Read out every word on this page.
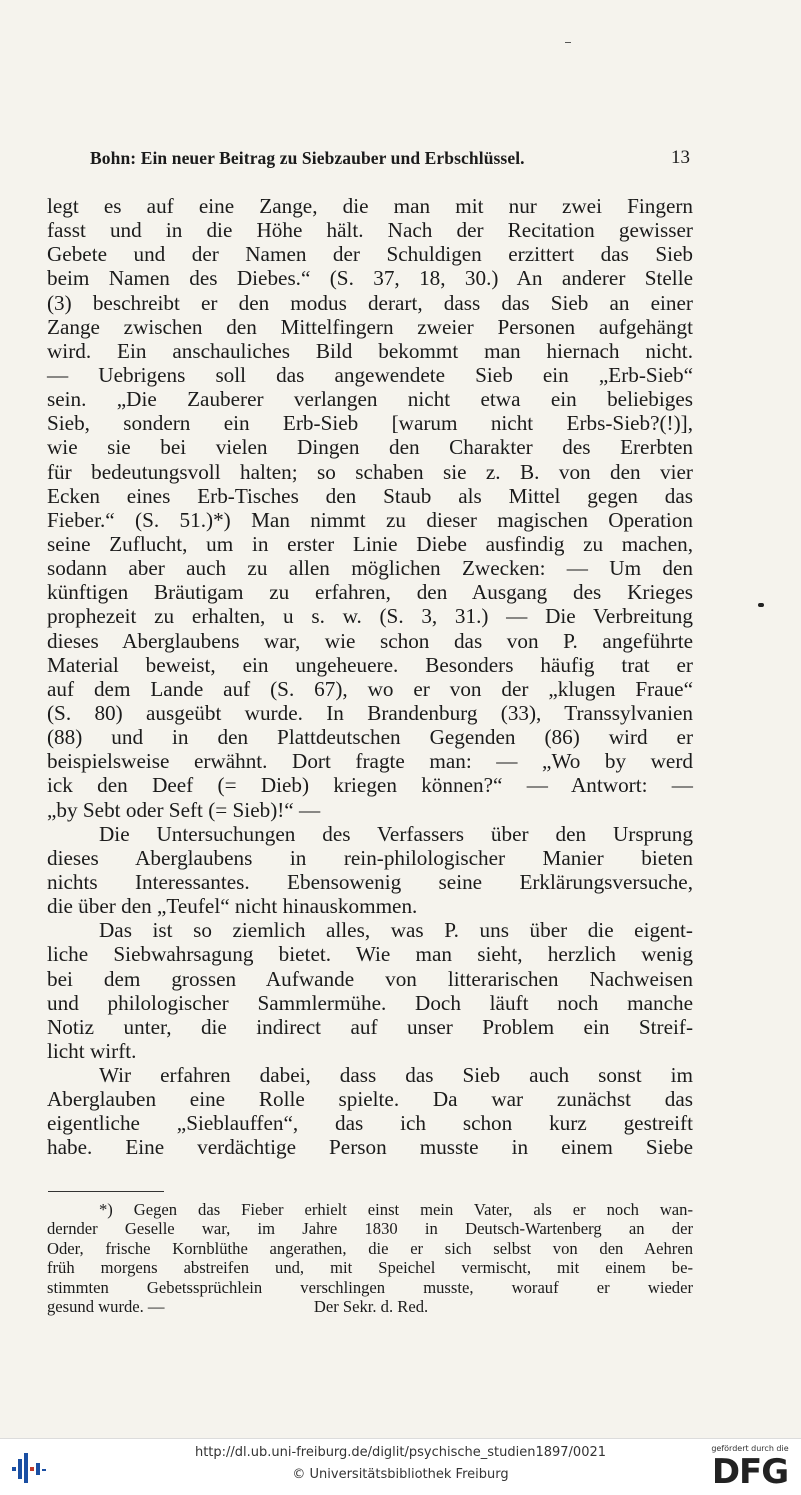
Bohn: Ein neuer Beitrag zu Siebzauber und Erbschlüssel.	13
legt es auf eine Zange, die man mit nur zwei Fingern
fasst und in die Höhe hält. Nach der Recitation gewisser
Gebete und der Namen der Schuldigen erzittert das Sieb
beim Namen des Diebes.“ (S. 37, 18, 30.) An anderer Stelle
(3) beschreibt er den modus derart, dass das Sieb an einer
Zange zwischen den Mittelfingern zweier Personen aufgehängt
wird. Ein anschauliches Bild bekommt man hiernach nicht.
— Uebrigens soll das angewendete Sieb ein „Erb-Sieb“
sein. „Die Zauberer verlangen nicht etwa ein beliebiges
Sieb, sondern ein Erb-Sieb [warum nicht Erbs-Sieb?(!)],
wie sie bei vielen Dingen den Charakter des Ererbten
für bedeutungsvoll halten; so schaben sie z. B. von den vier
Ecken eines Erb-Tisches den Staub als Mittel gegen das
Fieber.“ (S. 51.)*) Man nimmt zu dieser magischen Operation
seine Zuflucht, um in erster Linie Diebe ausfindig zu machen,
sodann aber auch zu allen möglichen Zwecken: — Um den
künftigen Bräutigam zu erfahren, den Ausgang des Krieges
prophezeit zu erhalten, u s. w. (S. 3, 31.) — Die Verbreitung
dieses Aberglaubens war, wie schon das von P. angeführte
Material beweist, ein ungeheuere. Besonders häufig trat er
auf dem Lande auf (S. 67), wo er von der „klugen Fraue“
(S. 80) ausgeübt wurde. In Brandenburg (33), Transsylvanien
(88) und in den Plattdeutschen Gegenden (86) wird er
beispielsweise erwähnt. Dort fragte man: — „Wo by werd
ick den Deef (= Dieb) kriegen können?“ — Antwort: —
„by Sebt oder Seft (= Sieb)!“ —
Die Untersuchungen des Verfassers über den Ursprung
dieses Aberglaubens in rein-philologischer Manier bieten
nichts Interessantes. Ebensowenig seine Erklärungsversuche,
die über den „Teufel“ nicht hinauskommen.
Das ist so ziemlich alles, was P. uns über die eigent-
liche Siebwahrsagung bietet. Wie man sieht, herzlich wenig
bei dem grossen Aufwande von litterarischen Nachweisen
und philologischer Sammlermühe. Doch läuft noch manche
Notiz unter, die indirect auf unser Problem ein Streif-
licht wirft.
Wir erfahren dabei, dass das Sieb auch sonst im
Aberglauben eine Rolle spielte. Da war zunächst das
eigentliche „Sieblauffen“, das ich schon kurz gestreift
habe. Eine verdächtige Person musste in einem Siebe
*) Gegen das Fieber erhielt einst mein Vater, als er noch wan-
dernder Geselle war, im Jahre 1830 in Deutsch-Wartenberg an der
Oder, frische Kornblüthe angerathen, die er sich selbst von den Aehren
früh morgens abstreifen und, mit Speichel vermischt, mit einem be-
stimmten Gebetssprüchlein verschlingen musste, worauf er wieder
gesund wurde. —                                    Der Sekr. d. Red.
http://dl.ub.uni-freiburg.de/diglit/psychische_studien1897/0021
© Universitätsbibliothek Freiburg
gefördert durch die
DFG
